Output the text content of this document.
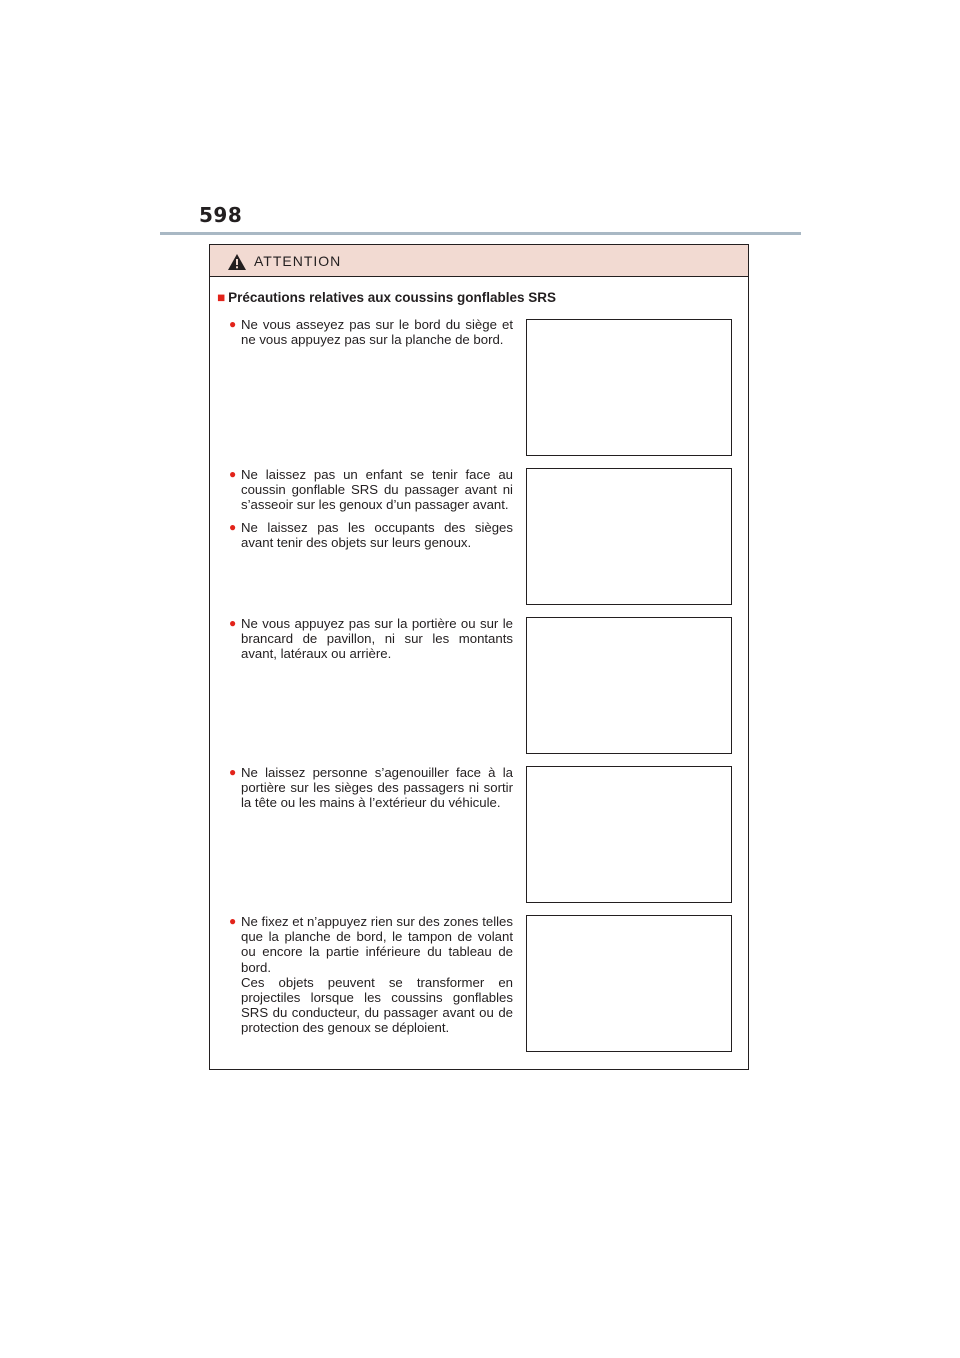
598
ATTENTION
■ Précautions relatives aux coussins gonflables SRS
● Ne vous asseyez pas sur le bord du siège et ne vous appuyez pas sur la planche de bord.

● Ne laissez pas un enfant se tenir face au coussin gonflable SRS du passager avant ni s’asseoir sur les genoux d’un passager avant.

● Ne laissez pas les occupants des sièges avant tenir des objets sur leurs genoux.

● Ne vous appuyez pas sur la portière ou sur le brancard de pavillon, ni sur les montants avant, latéraux ou arrière.

● Ne laissez personne s’agenouiller face à la portière sur les sièges des passagers ni sortir la tête ou les mains à l’extérieur du véhicule.

● Ne fixez et n’appuyez rien sur des zones telles que la planche de bord, le tampon de volant ou encore la partie inférieure du tableau de bord.

Ces objets peuvent se transformer en projectiles lorsque les coussins gonflables SRS du conducteur, du passager avant ou de protection des genoux se déploient.
